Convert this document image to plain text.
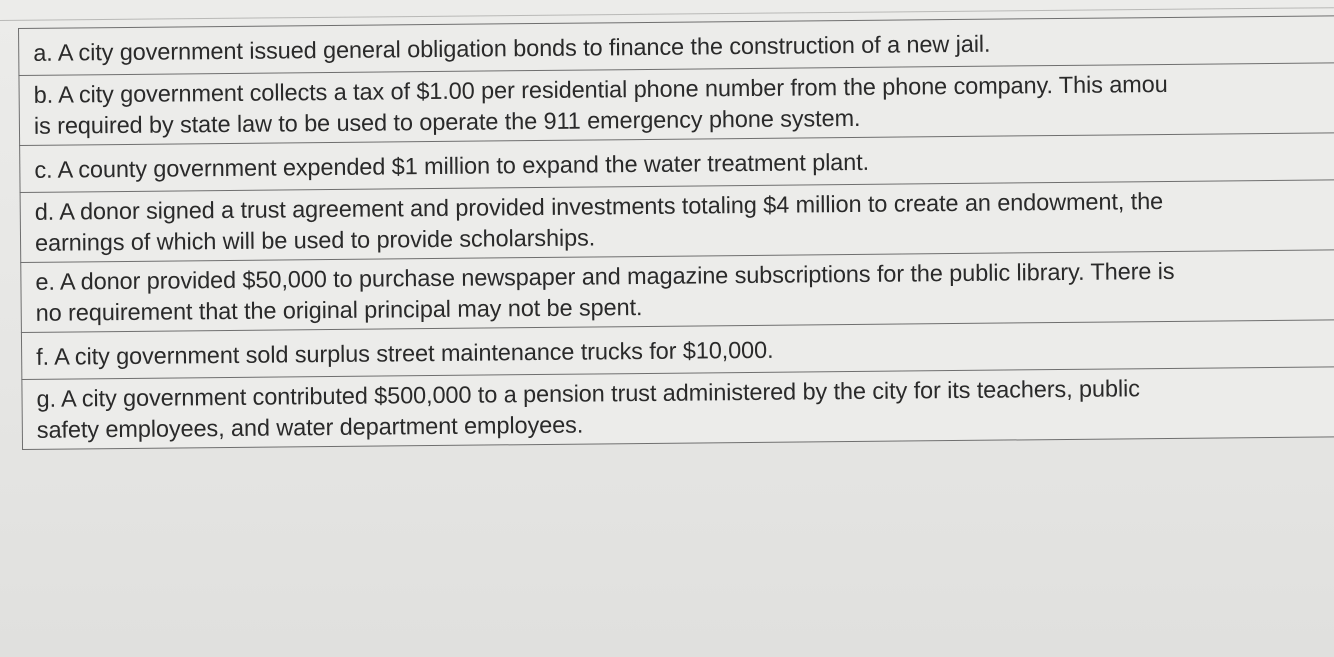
a. A city government issued general obligation bonds to finance the construction of a new jail.

b. A city government collects a tax of $1.00 per residential phone number from the phone company. This amou
is required by state law to be used to operate the 911 emergency phone system.

c. A county government expended $1 million to expand the water treatment plant.

d. A donor signed a trust agreement and provided investments totaling $4 million to create an endowment, the
earnings of which will be used to provide scholarships.

e. A donor provided $50,000 to purchase newspaper and magazine subscriptions for the public library. There is
no requirement that the original principal may not be spent.

f. A city government sold surplus street maintenance trucks for $10,000.

g. A city government contributed $500,000 to a pension trust administered by the city for its teachers, public
safety employees, and water department employees.
